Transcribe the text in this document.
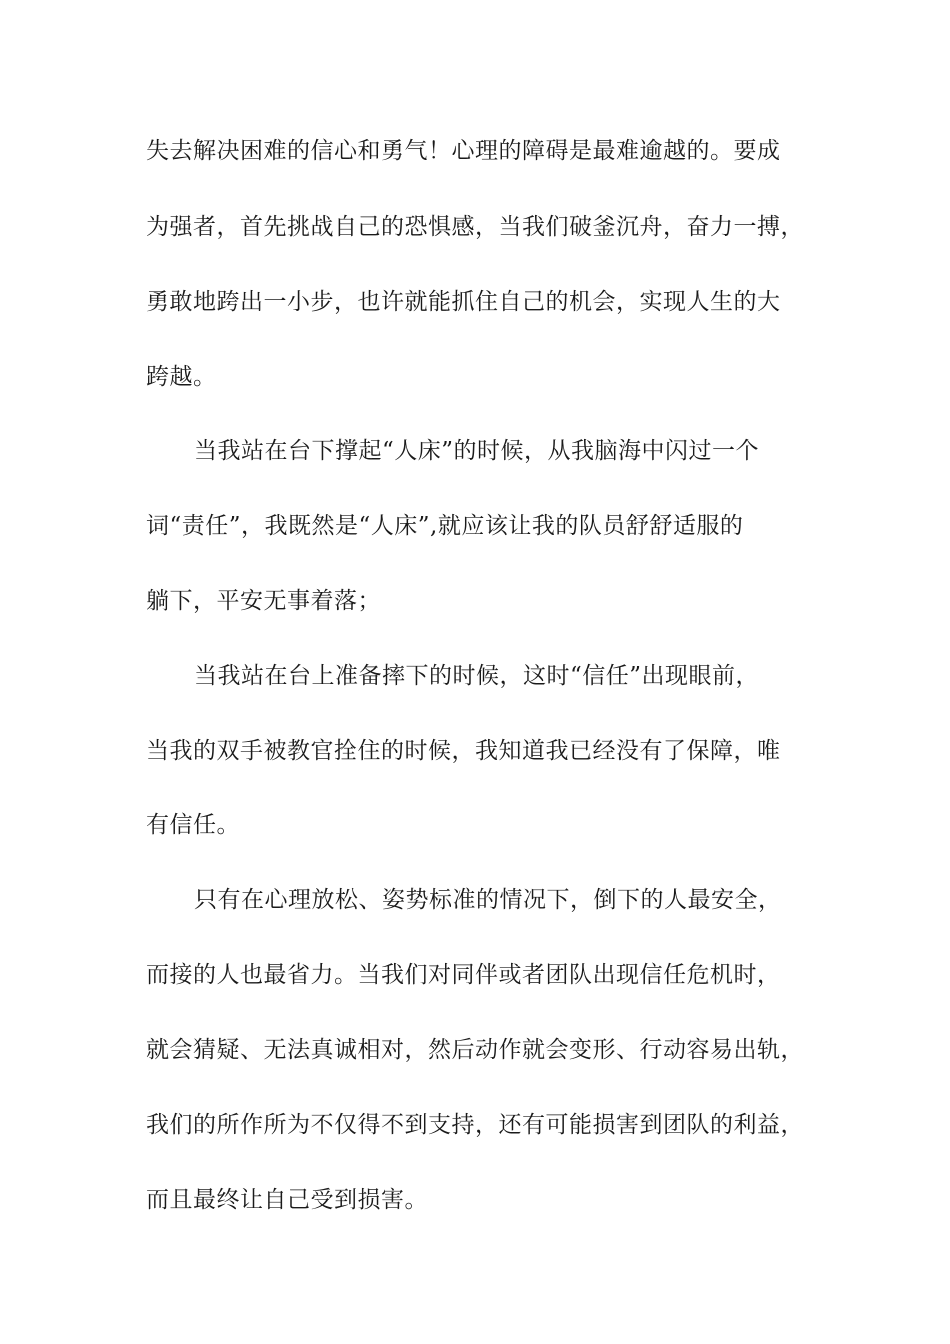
失去解决困难的信心和勇气！心理的障碍是最难逾越的。要成
为强者，首先挑战自己的恐惧感，当我们破釜沉舟，奋力一搏，
勇敢地跨出一小步，也许就能抓住自己的机会，实现人生的大
跨越。
当我站在台下撑起“人床”的时候，从我脑海中闪过一个
词“责任”，我既然是“人床”,就应该让我的队员舒舒适服的
躺下，平安无事着落；
当我站在台上准备摔下的时候，这时“信任”出现眼前，
当我的双手被教官拴住的时候，我知道我已经没有了保障，唯
有信任。
只有在心理放松、姿势标准的情况下，倒下的人最安全，
而接的人也最省力。当我们对同伴或者团队出现信任危机时，
就会猜疑、无法真诚相对，然后动作就会变形、行动容易出轨，
我们的所作所为不仅得不到支持，还有可能损害到团队的利益，
而且最终让自己受到损害。
